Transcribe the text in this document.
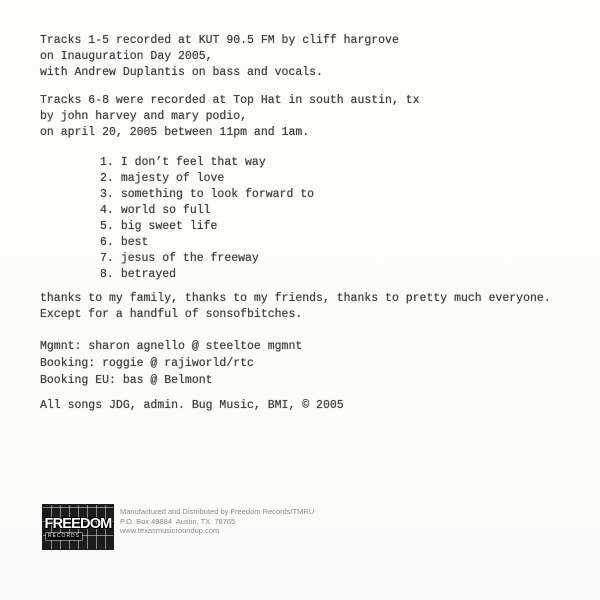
Tracks 1-5 recorded at KUT 90.5 FM by cliff hargrove
on Inauguration Day 2005,
with Andrew Duplantis on bass and vocals.
Tracks 6-8 were recorded at Top Hat in south austin, tx
by john harvey and mary podio,
on april 20, 2005 between 11pm and 1am.
1. I don’t feel that way
2. majesty of love
3. something to look forward to
4. world so full
5. big sweet life
6. best
7. jesus of the freeway
8. betrayed
thanks to my family, thanks to my friends, thanks to pretty much everyone.
Except for a handful of sonsofbitches.
Mgmnt: sharon agnello @ steeltoe mgmnt
Booking: roggie @ rajiworld/rtc
Booking EU: bas @ Belmont
All songs JDG, admin. Bug Music, BMI, © 2005
FREEDOM
RECORDS
Manufactured and Distributed by Freedom Records/TMRU
P.O. Box 49884  Austin, TX  78765
www.texasmusicroundup.com
